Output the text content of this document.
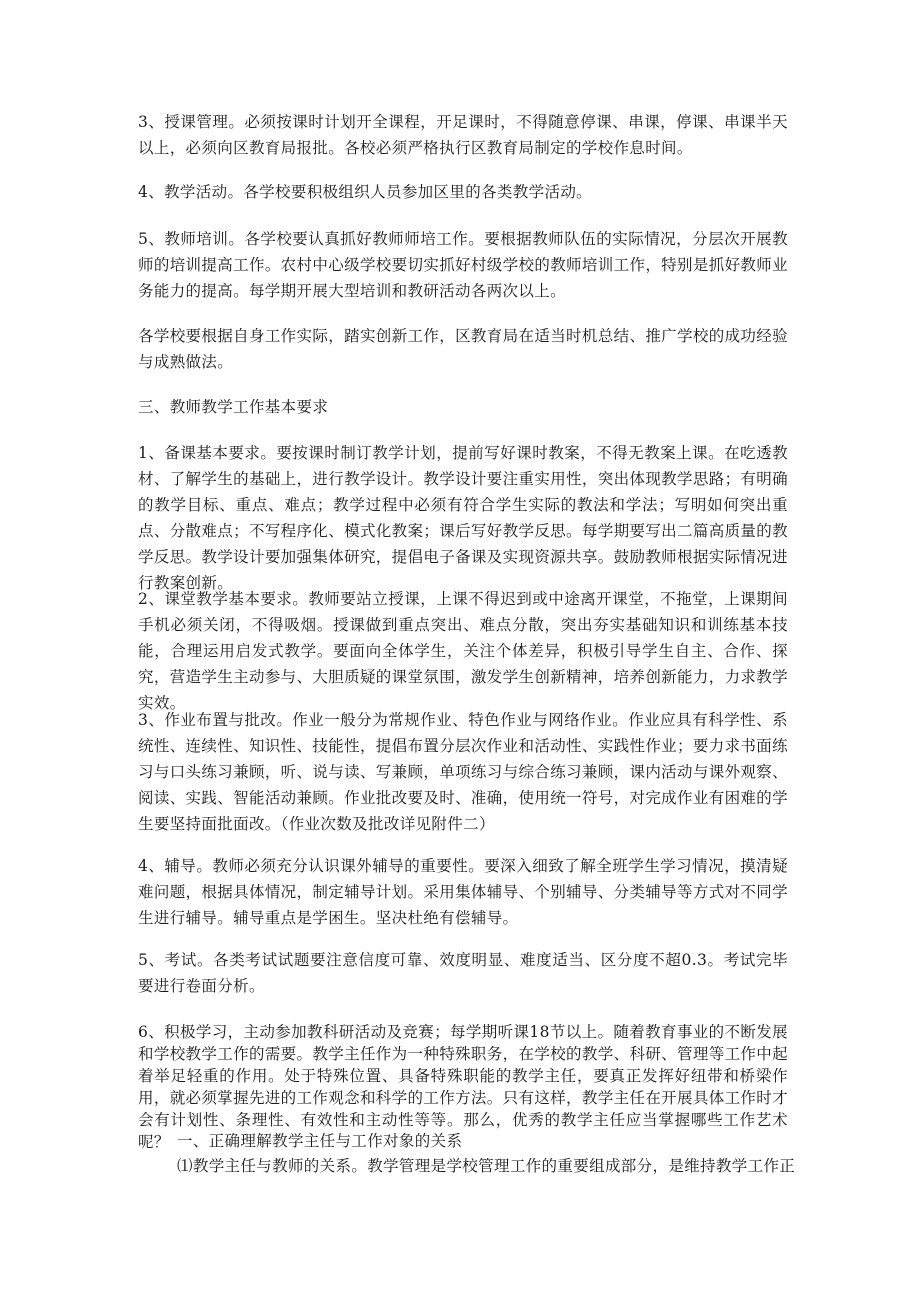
3、授课管理。必须按课时计划开全课程，开足课时，不得随意停课、串课，停课、串课半天以上，必须向区教育局报批。各校必须严格执行区教育局制定的学校作息时间。

4、教学活动。各学校要积极组织人员参加区里的各类教学活动。

5、教师培训。各学校要认真抓好教师师培工作。要根据教师队伍的实际情况，分层次开展教师的培训提高工作。农村中心级学校要切实抓好村级学校的教师培训工作，特别是抓好教师业务能力的提高。每学期开展大型培训和教研活动各两次以上。

各学校要根据自身工作实际，踏实创新工作，区教育局在适当时机总结、推广学校的成功经验与成熟做法。

三、教师教学工作基本要求

1、备课基本要求。要按课时制订教学计划，提前写好课时教案，不得无教案上课。在吃透教材、了解学生的基础上，进行教学设计。教学设计要注重实用性，突出体现教学思路；有明确的教学目标、重点、难点；教学过程中必须有符合学生实际的教法和学法；写明如何突出重点、分散难点；不写程序化、模式化教案；课后写好教学反思。每学期要写出二篇高质量的教学反思。教学设计要加强集体研究，提倡电子备课及实现资源共享。鼓励教师根据实际情况进行教案创新。

2、课堂教学基本要求。教师要站立授课，上课不得迟到或中途离开课堂，不拖堂，上课期间手机必须关闭，不得吸烟。授课做到重点突出、难点分散，突出夯实基础知识和训练基本技能，合理运用启发式教学。要面向全体学生，关注个体差异，积极引导学生自主、合作、探究，营造学生主动参与、大胆质疑的课堂氛围，激发学生创新精神，培养创新能力，力求教学实效。

3、作业布置与批改。作业一般分为常规作业、特色作业与网络作业。作业应具有科学性、系统性、连续性、知识性、技能性，提倡布置分层次作业和活动性、实践性作业；要力求书面练习与口头练习兼顾，听、说与读、写兼顾，单项练习与综合练习兼顾，课内活动与课外观察、阅读、实践、智能活动兼顾。作业批改要及时、准确，使用统一符号，对完成作业有困难的学生要坚持面批面改。（作业次数及批改详见附件二）

4、辅导。教师必须充分认识课外辅导的重要性。要深入细致了解全班学生学习情况，摸清疑难问题，根据具体情况，制定辅导计划。采用集体辅导、个别辅导、分类辅导等方式对不同学生进行辅导。辅导重点是学困生。坚决杜绝有偿辅导。

5、考试。各类考试试题要注意信度可靠、效度明显、难度适当、区分度不超0.3。考试完毕要进行卷面分析。

6、积极学习，主动参加教科研活动及竞赛；每学期听课18节以上。随着教育事业的不断发展和学校教学工作的需要。教学主任作为一种特殊职务，在学校的教学、科研、管理等工作中起着举足轻重的作用。处于特殊位置、具备特殊职能的教学主任，要真正发挥好纽带和桥梁作用，就必须掌握先进的工作观念和科学的工作方法。只有这样，教学主任在开展具体工作时才会有计划性、条理性、有效性和主动性等等。那么，优秀的教学主任应当掌握哪些工作艺术呢？ 一、正确理解教学主任与工作对象的关系

⑴教学主任与教师的关系。教学管理是学校管理工作的重要组成部分，是维持教学工作正
